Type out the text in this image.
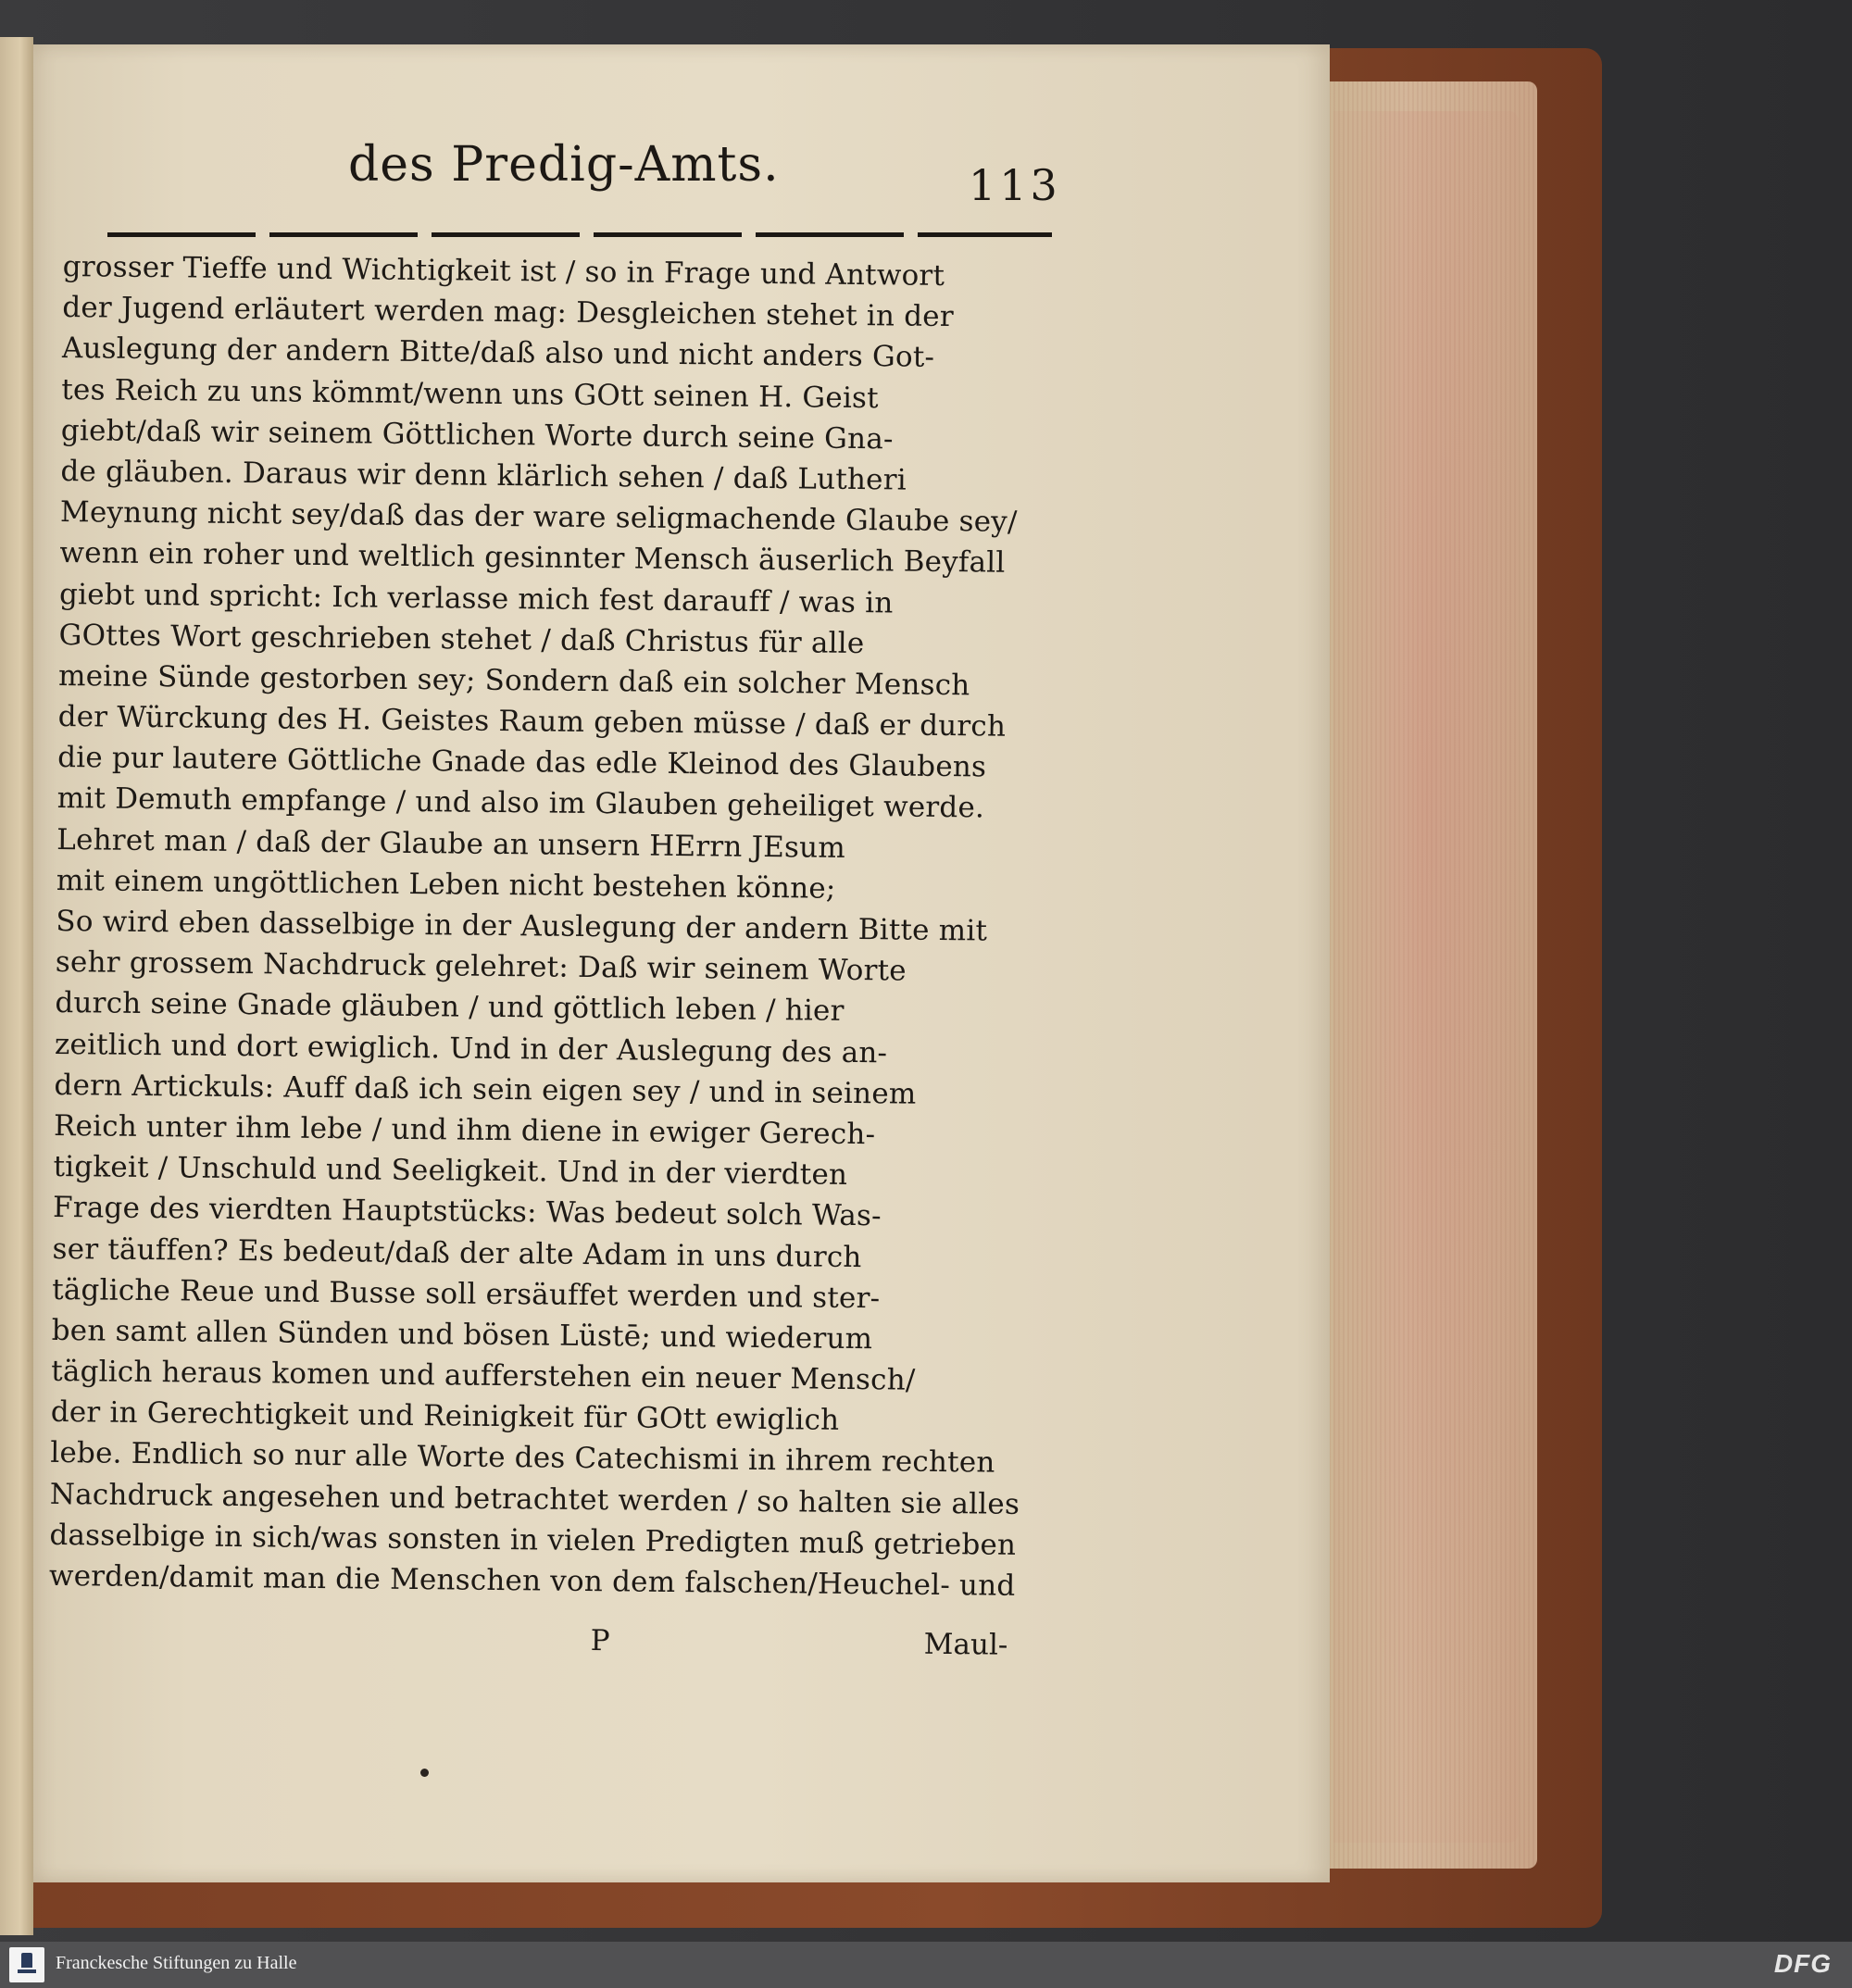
des Predig-Amts.	113
grosser Tieffe und Wichtigkeit ist / so in Frage und Antwort
der Jugend erläutert werden mag: Desgleichen stehet in der
Auslegung der andern Bitte/daß also und nicht anders Got-
tes Reich zu uns kömmt/wenn uns GOtt seinen H. Geist
giebt/daß wir seinem Göttlichen Worte durch seine Gna-
de gläuben. Daraus wir denn klärlich sehen / daß Lutheri
Meynung nicht sey/daß das der ware seligmachende Glaube sey/
wenn ein roher und weltlich gesinnter Mensch äuserlich Beyfall
giebt und spricht: Ich verlasse mich fest darauff / was in
GOttes Wort geschrieben stehet / daß Christus für alle
meine Sünde gestorben sey; Sondern daß ein solcher Mensch
der Würckung des H. Geistes Raum geben müsse / daß er durch
die pur lautere Göttliche Gnade das edle Kleinod des Glaubens
mit Demuth empfange / und also im Glauben geheiliget werde.
Lehret man / daß der Glaube an unsern HErrn JEsum
mit einem ungöttlichen Leben nicht bestehen könne;
So wird eben dasselbige in der Auslegung der andern Bitte mit
sehr grossem Nachdruck gelehret: Daß wir seinem Worte
durch seine Gnade gläuben / und göttlich leben / hier
zeitlich und dort ewiglich. Und in der Auslegung des an-
dern Artickuls: Auff daß ich sein eigen sey / und in seinem
Reich unter ihm lebe / und ihm diene in ewiger Gerech-
tigkeit / Unschuld und Seeligkeit. Und in der vierdten
Frage des vierdten Hauptstücks: Was bedeut solch Was-
ser täuffen? Es bedeut/daß der alte Adam in uns durch
tägliche Reue und Busse soll ersäuffet werden und ster-
ben samt allen Sünden und bösen Lüstē; und wiederum
täglich heraus komen und aufferstehen ein neuer Mensch/
der in Gerechtigkeit und Reinigkeit für GOtt ewiglich
lebe. Endlich so nur alle Worte des Catechismi in ihrem rechten
Nachdruck angesehen und betrachtet werden / so halten sie alles
dasselbige in sich/was sonsten in vielen Predigten muß getrieben
werden/damit man die Menschen von dem falschen/Heuchel- und
P	Maul-
Franckesche Stiftungen zu Halle	DFG
